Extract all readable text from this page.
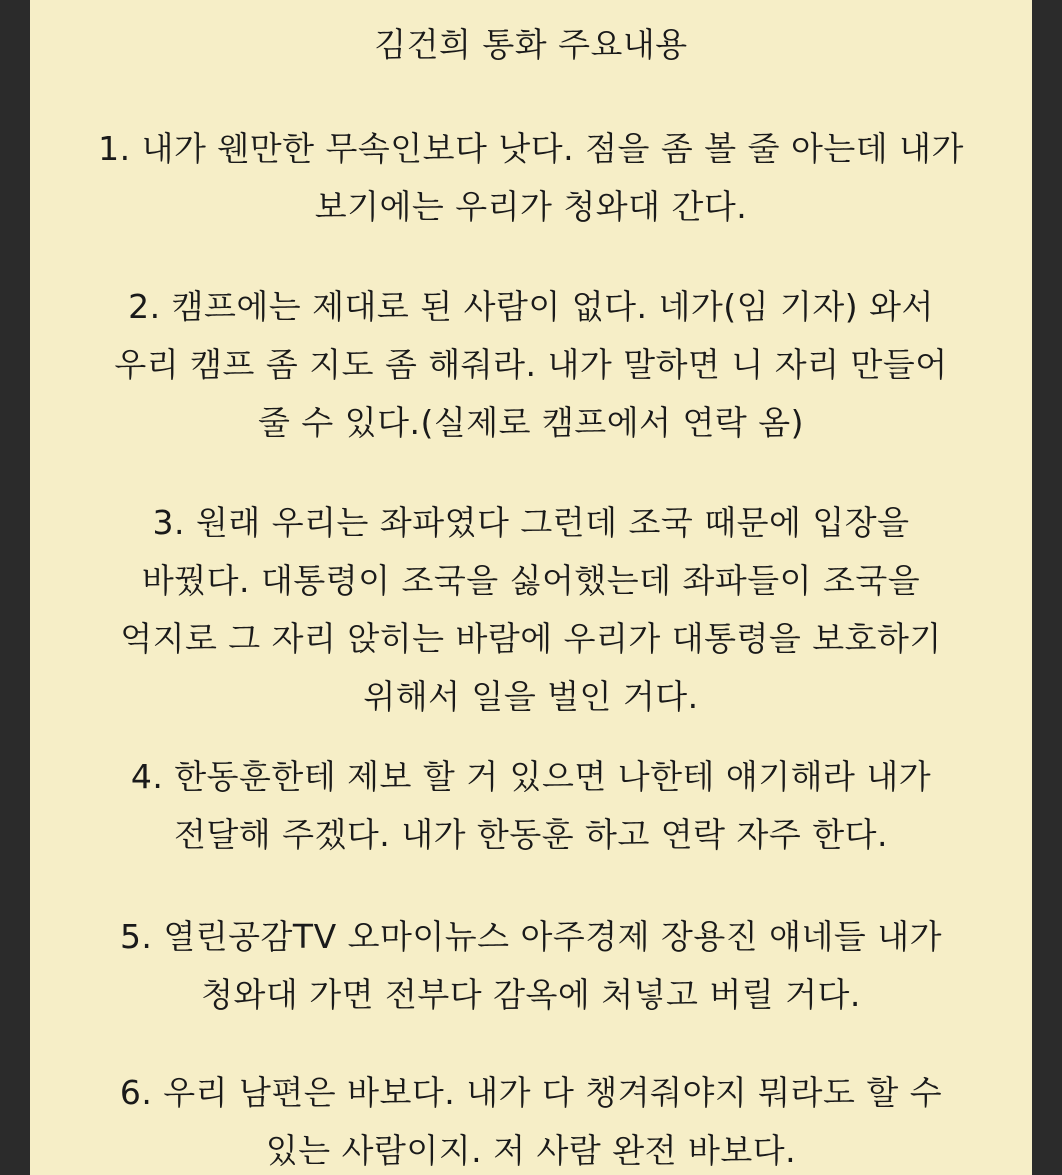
김건희 통화 주요내용

1. 내가 웬만한 무속인보다 낫다. 점을 좀 볼 줄 아는데 내가
보기에는 우리가 청와대 간다.

2. 캠프에는 제대로 된 사람이 없다. 네가(임 기자) 와서
우리 캠프 좀 지도 좀 해줘라. 내가 말하면 니 자리 만들어
줄 수 있다.(실제로 캠프에서 연락 옴)

3. 원래 우리는 좌파였다 그런데 조국 때문에 입장을
바꿨다. 대통령이 조국을 싫어했는데 좌파들이 조국을
억지로 그 자리 앉히는 바람에 우리가 대통령을 보호하기
위해서 일을 벌인 거다.

4. 한동훈한테 제보 할 거 있으면 나한테 얘기해라 내가
전달해 주겠다. 내가 한동훈 하고 연락 자주 한다.

5. 열린공감TV 오마이뉴스 아주경제 장용진 얘네들 내가
청와대 가면 전부다 감옥에 처넣고 버릴 거다.

6. 우리 남편은 바보다. 내가 다 챙겨줘야지 뭐라도 할 수
있는 사람이지. 저 사람 완전 바보다.
